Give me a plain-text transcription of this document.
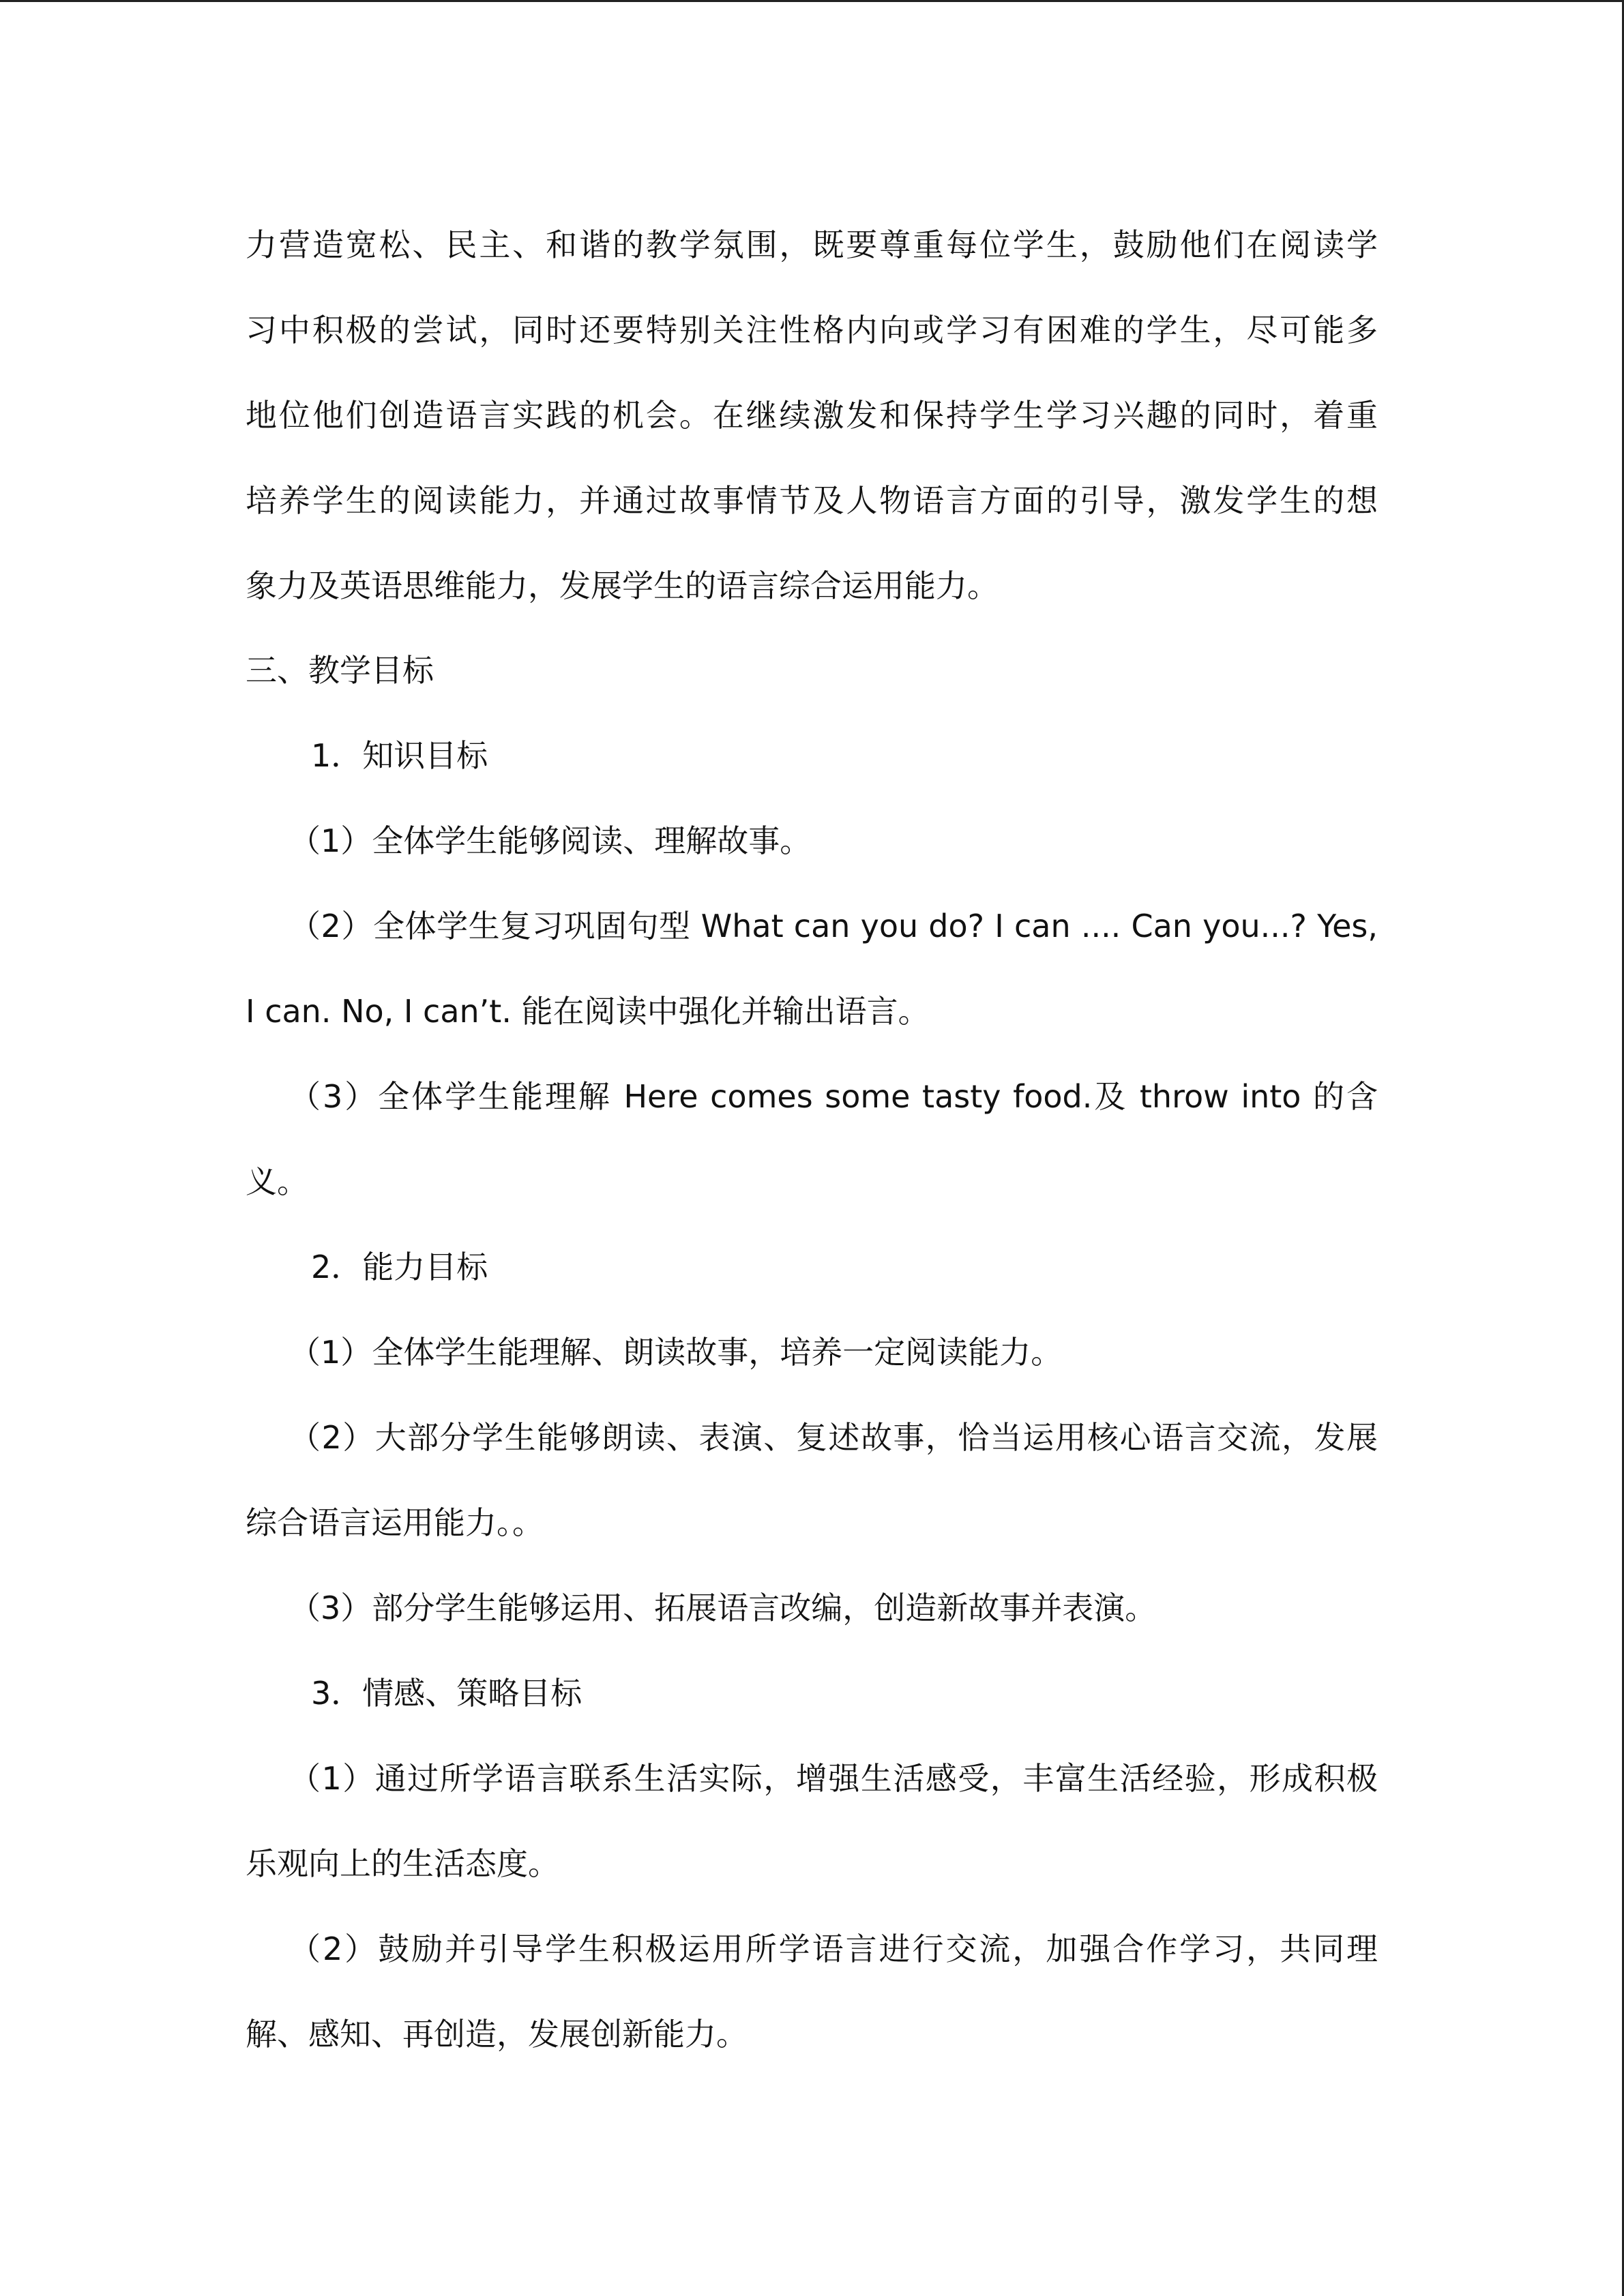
力营造宽松、民主、和谐的教学氛围，既要尊重每位学生，鼓励他们在阅读学
习中积极的尝试，同时还要特别关注性格内向或学习有困难的学生，尽可能多
地位他们创造语言实践的机会。在继续激发和保持学生学习兴趣的同时，着重
培养学生的阅读能力，并通过故事情节及人物语言方面的引导，激发学生的想
象力及英语思维能力，发展学生的语言综合运用能力。
三、教学目标
1．知识目标
（1）全体学生能够阅读、理解故事。
（2）全体学生复习巩固句型 What can you do? I can .... Can you...? Yes,
I can. No, I can’t. 能在阅读中强化并输出语言。
（3）全体学生能理解 Here comes some tasty food.及 throw into 的含
义。
2．能力目标
（1）全体学生能理解、朗读故事，培养一定阅读能力。
（2）大部分学生能够朗读、表演、复述故事，恰当运用核心语言交流，发展
综合语言运用能力。。
（3）部分学生能够运用、拓展语言改编，创造新故事并表演。
3．情感、策略目标
（1）通过所学语言联系生活实际，增强生活感受，丰富生活经验，形成积极
乐观向上的生活态度。
（2）鼓励并引导学生积极运用所学语言进行交流，加强合作学习，共同理
解、感知、再创造，发展创新能力。
